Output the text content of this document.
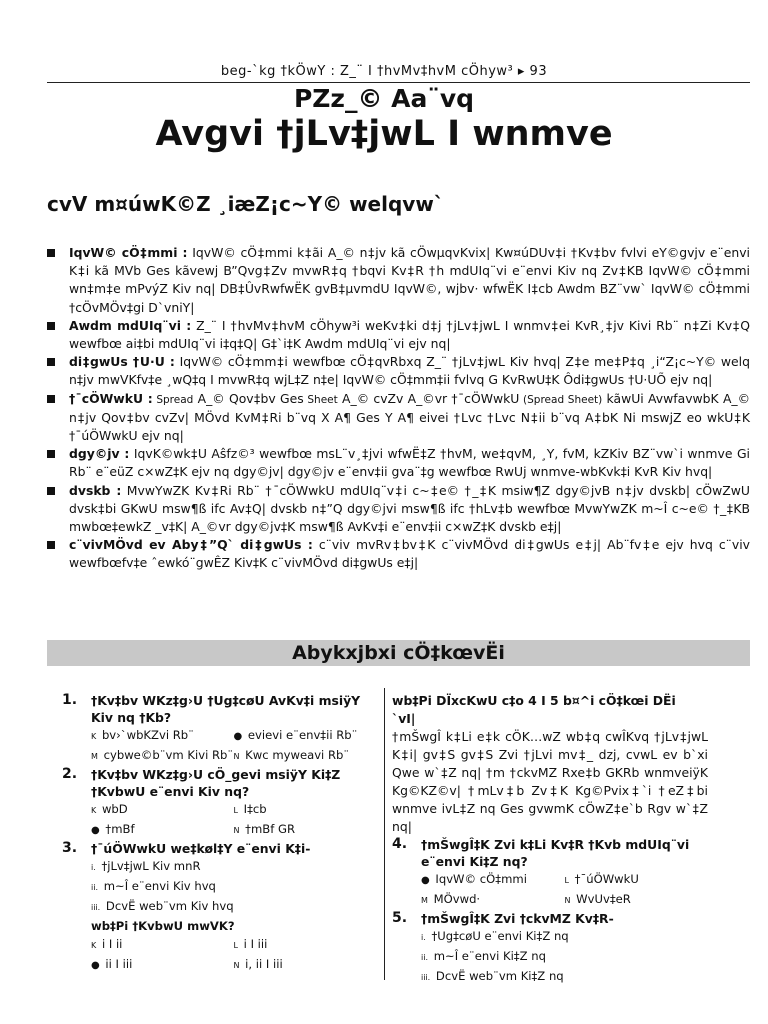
beg-`kg †kÖwY : Z_¨ I †hvMv‡hvM cÖhyw³ ▸ 93
PZz_© Aa¨vq
Avgvi †jLv‡jwL I wnmve
cvV m¤úwK©Z ¸iæZ¡c~Y© welqvw`
IqvW© cÖ‡mmi : IqvW© cÖ‡mmi k‡ãi A_© n‡jv kã cÖwµqvKvix| Kw¤úDUv‡i †Kv‡bv fvlvi eY©gvjv e¨envi K‡i kã MVb Ges kãvewj B”Qvg‡Zv mvwR‡q †bqvi Kv‡R †h mdUIq¨vi e¨envi Kiv nq Zv‡KB IqvW© cÖ‡mmi wn‡m‡e mPvýZ Kiv nq| DB‡ÛvRwfwËK gvB‡µvmdU IqvW©, wjbv· wfwËK I‡cb Awdm BZ¨vw` IqvW© cÖ‡mmi †cÖvMÖv‡gi D`vniY|
Awdm mdUIq¨vi : Z_¨ I †hvMv‡hvM cÖhyw³i weKv‡ki d‡j †jLv‡jwL I wnmv‡ei KvR¸‡jv Kivi Rb¨ n‡Zi Kv‡Q wewfbœ ai‡bi mdUIq¨vi i‡q‡Q| G‡`i‡K Awdm mdUIq¨vi ejv nq|
di‡gwUs †U·U : IqvW© cÖ‡mm‡i wewfbœ cÖ‡qvRbxq Z_¨ †jLv‡jwL Kiv hvq| Z‡e me‡P‡q ¸i“Z¡c~Y© welq n‡jv mwVKfv‡e ¸wQ‡q I mvwR‡q wjL‡Z n‡e| IqvW© cÖ‡mm‡ii fvlvq G KvRwU‡K Ôdi‡gwUs †U·UÕ ejv nq|
†¯cÖWwkU : Spread A_© Qov‡bv Ges Sheet A_© cvZv A_©vr †¯cÖWwkU (Spread Sheet) kãwUi AvwfavwbK A_© n‡jv Qov‡bv cvZv| MÖvd KvM‡Ri b¨vq X A¶ Ges Y A¶ eivei †Lvc †Lvc N‡ii b¨vq A‡bK Ni mswjZ eo wkU‡K †¯úÖWwkU ejv nq|
dgy©jv : IqvK©wk‡U Aŝfz©³ wewfbœ msL¨v¸‡jvi wfwË‡Z †hvM, we‡qvM, ¸Y, fvM, kZKiv BZ¨vw`i wnmve Gi Rb¨ e¨eüZ c×wZ‡K ejv nq dgy©jv| dgy©jv e¨env‡ii gva¨‡g wewfbœ RwUj wnmve-wbKvk‡i KvR Kiv hvq|
dvskb : MvwYwZK Kv‡Ri Rb¨ †¯cÖWwkU mdUIq¨v‡i c~‡e© †_‡K msiw¶Z dgy©jvB n‡jv dvskb| cÖwZwU dvsk‡bi GKwU msw¶ß ifc Av‡Q| dvskb n‡”Q dgy©jvi msw¶ß ifc †hLv‡b wewfbœ MvwYwZK m~Î c~e© †_‡KB mwbœ‡ewkZ _v‡K| A_©vr dgy©jv‡K msw¶ß AvKv‡i e¨env‡ii c×wZ‡K dvskb e‡j|
c¨vivMÖvd ev Aby‡”Q` di‡gwUs : c¨viv mvRv‡bv‡K c¨vivMÖvd di‡gwUs e‡j| Ab¨fv‡e ejv hvq c¨viv wewfbœfv‡e ˆewkó¨gwÊZ Kiv‡K c¨vivMÖvd di‡gwUs e‡j|
Abykxjbxi cÖ‡kœvËi
1. †Kv‡bv WKz‡g›U †Ug‡cøU AvKv‡i msiÿY Kiv nq †Kb?
K bv›`wbKZvi Rb¨	● evievi e¨env‡ii Rb¨
M cybwe©b¨vm Kivi Rb¨ N Kwc myweavi Rb¨
2. †Kv‡bv WKz‡g›U cÖ_gevi msiÿY Ki‡Z †KvbwU e¨envi Kiv nq?
K wbD	L I‡cb
● †mBf	N †mBf GR
3. †¯úÖWwkU we‡køl‡Y e¨envi K‡i-
i. †jLv‡jwL Kiv mnR
ii. m~Î e¨envi Kiv hvq
iii. DcvË web¨vm Kiv hvq
wb‡Pi †KvbwU mwVK?
K i I ii	L i I iii
● ii I iii	N i, ii I iii
wb‡Pi DÏxcKwU c‡o 4 I 5 b¤^i cÖ‡kœi DËi
`vI|
†mŠwgÎ k‡Li e‡k cÖK…wZ wb‡q cwÎKvq †jLv‡jwL K‡i| gv‡S gv‡S Zvi †jLvi mv‡_ dzj, cvwL ev b`xi Qwe w`‡Z nq| †m †ckvMZ Rxe‡b GKRb wnmveiÿK Kg©KZ©v| †mLv‡b Zv‡K Kg©Pvix‡`i †eZ‡bi wnmve ivL‡Z nq Ges gvwmK cÖwZ‡e`b Rgv w`‡Z nq|
4. †mŠwgÎ‡K Zvi k‡Li Kv‡R †Kvb mdUIq¨vi e¨envi Ki‡Z nq?
● IqvW© cÖ‡mmi	L †¯úÖWwkU
M MÖvwd·	N WvUv‡eR
5. †mŠwgÎ‡K Zvi †ckvMZ Kv‡R-
i. †Ug‡cøU e¨envi Ki‡Z nq
ii. m~Î e¨envi Ki‡Z nq
iii. DcvË web¨vm Ki‡Z nq
